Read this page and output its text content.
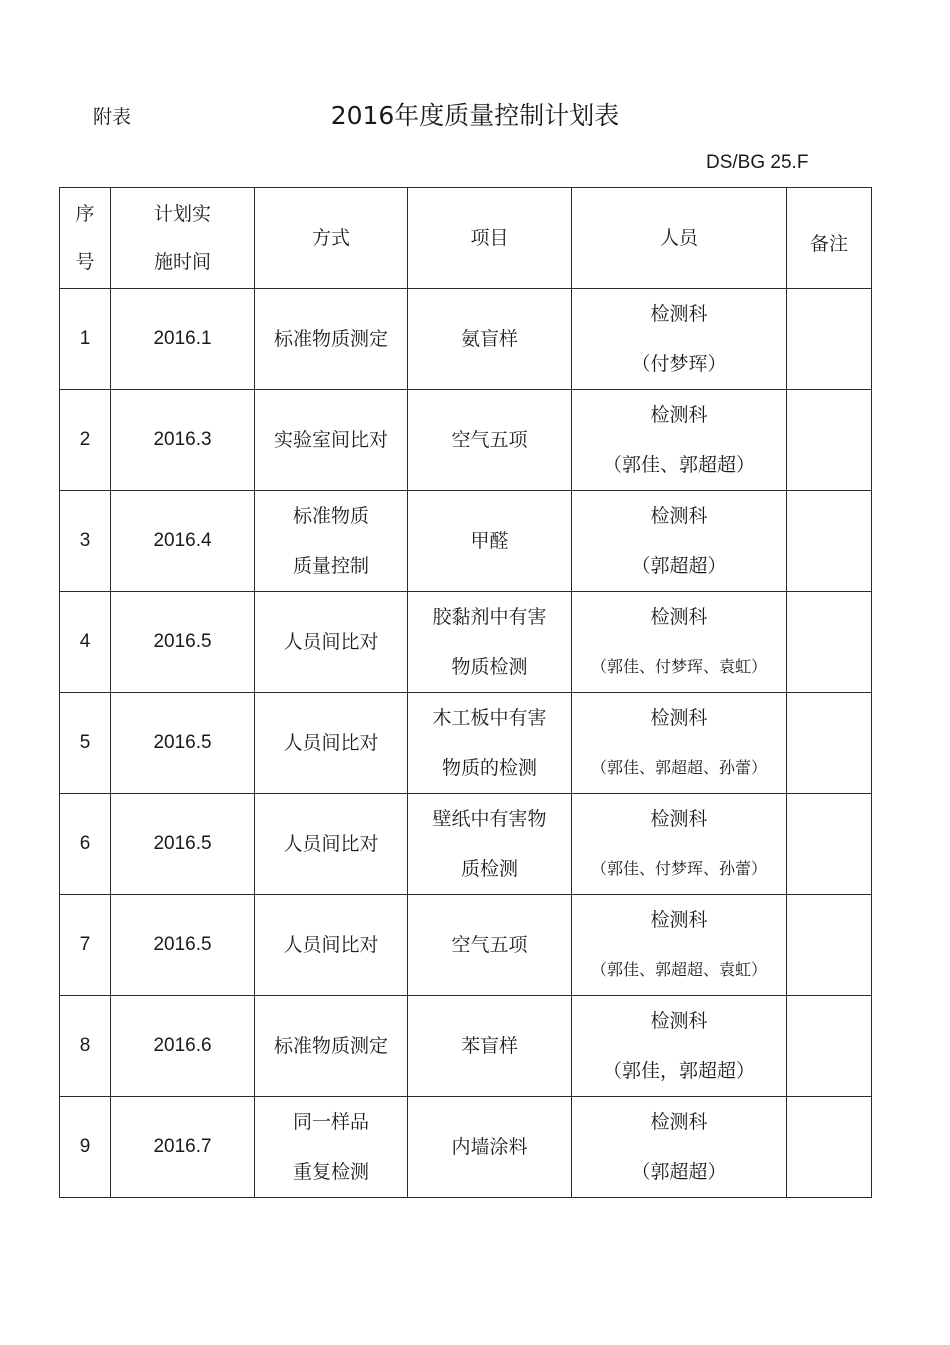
附表	2016年度质量控制计划表
DS/BG 25.F
序
号	计划实
施时间	方式	项目	人员	备注

1	2016.1	标准物质测定	氨盲样	检测科
（付梦珲）	

2	2016.3	实验室间比对	空气五项	检测科
（郭佳、郭超超）	

3	2016.4	标准物质
质量控制	甲醛	检测科
（郭超超）	

4	2016.5	人员间比对	胶黏剂中有害
物质检测	检测科
（郭佳、付梦珲、袁虹）	

5	2016.5	人员间比对	木工板中有害
物质的检测	检测科
（郭佳、郭超超、孙蕾）	

6	2016.5	人员间比对	壁纸中有害物
质检测	检测科
（郭佳、付梦珲、孙蕾）	

7	2016.5	人员间比对	空气五项	检测科
（郭佳、郭超超、袁虹）	

8	2016.6	标准物质测定	苯盲样	检测科
（郭佳，郭超超）	

9	2016.7	同一样品
重复检测	内墙涂料	检测科
（郭超超）	
